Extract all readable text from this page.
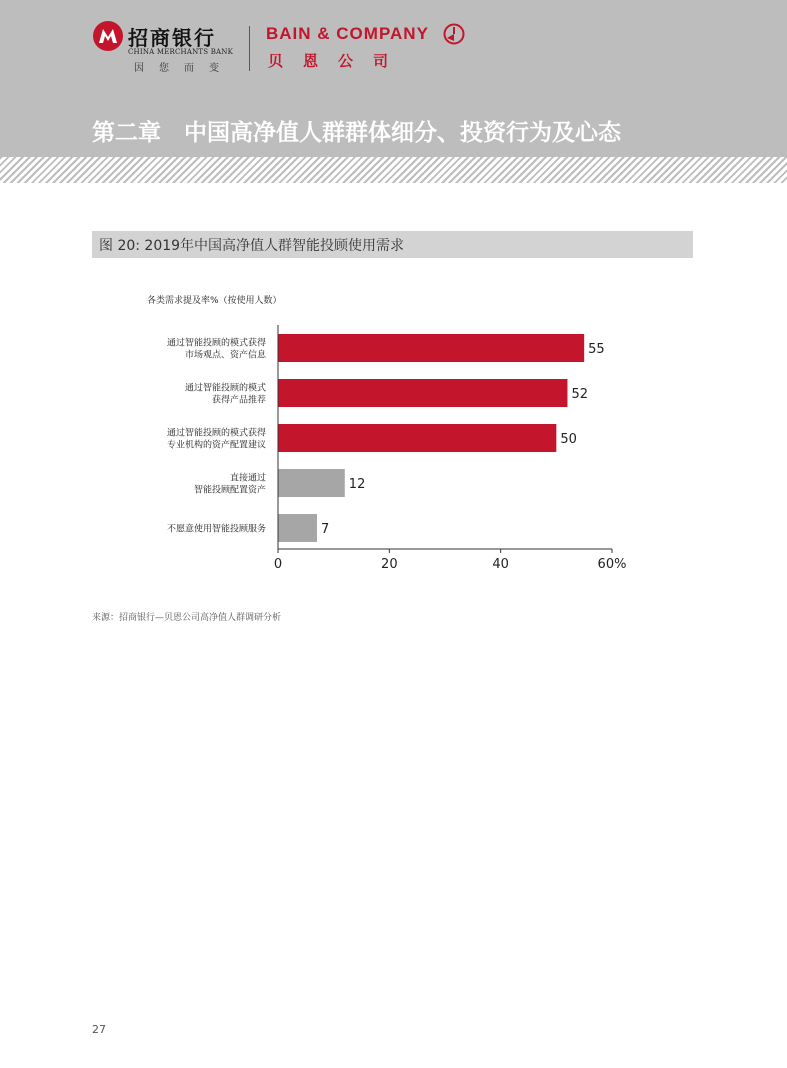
招商银行
CHINA MERCHANTS BANK
因您而变
BAIN & COMPANY
贝恩公司
第二章　中国高净值人群群体细分、投资行为及心态
图 20: 2019年中国高净值人群智能投顾使用需求
各类需求提及率%（按使用人数）
55
通过智能投顾的模式获得市场观点、资产信息
52
通过智能投顾的模式获得产品推荐
50
通过智能投顾的模式获得专业机构的资产配置建议
12
直接通过智能投顾配置资产
7
不愿意使用智能投顾服务
0	20	40	60%
来源：招商银行—贝恩公司高净值人群调研分析
27
